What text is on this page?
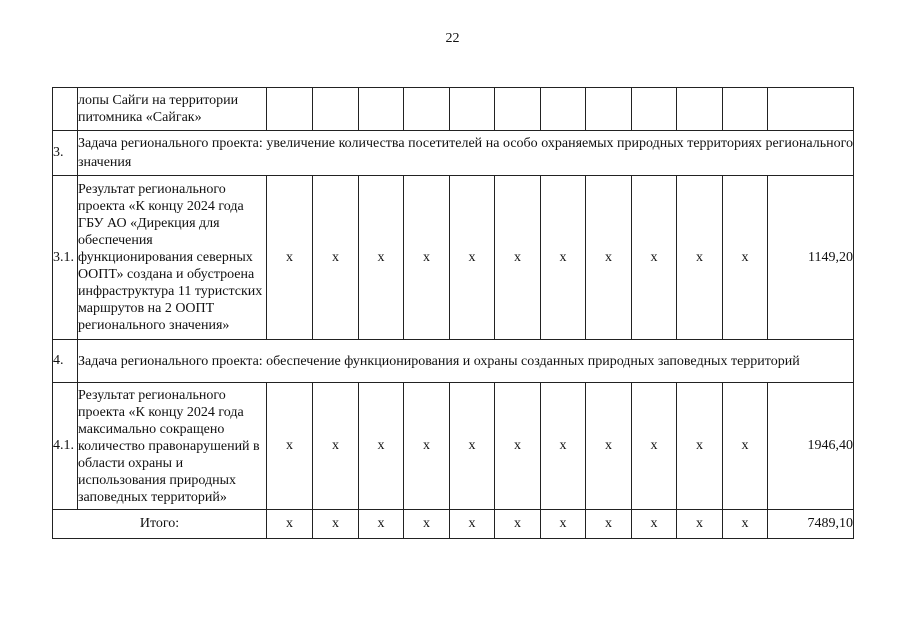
22
	лопы Сайги на территории питомника «Сайгак»												
3.	Задача регионального проекта: увеличение количества посетителей на особо охраняемых природных территориях регионального значения												
3.1.	Результат регионального проекта «К концу 2024 года ГБУ АО «Дирекция для обеспечения функционирования северных ООПТ» создана и обустроена инфраструктура 11 туристских маршрутов на 2 ООПТ регионального значения»	х	х	х	х	х	х	х	х	х	х	х	1149,20
4.	Задача регионального проекта: обеспечение функционирования и охраны созданных природных заповедных территорий												
4.1.	Результат регионального проекта «К концу 2024 года максимально сокращено количество правонарушений в области охраны и использования природных заповедных территорий»	х	х	х	х	х	х	х	х	х	х	х	1946,40
Итого:		х	х	х	х	х	х	х	х	х	х	х	7489,10
